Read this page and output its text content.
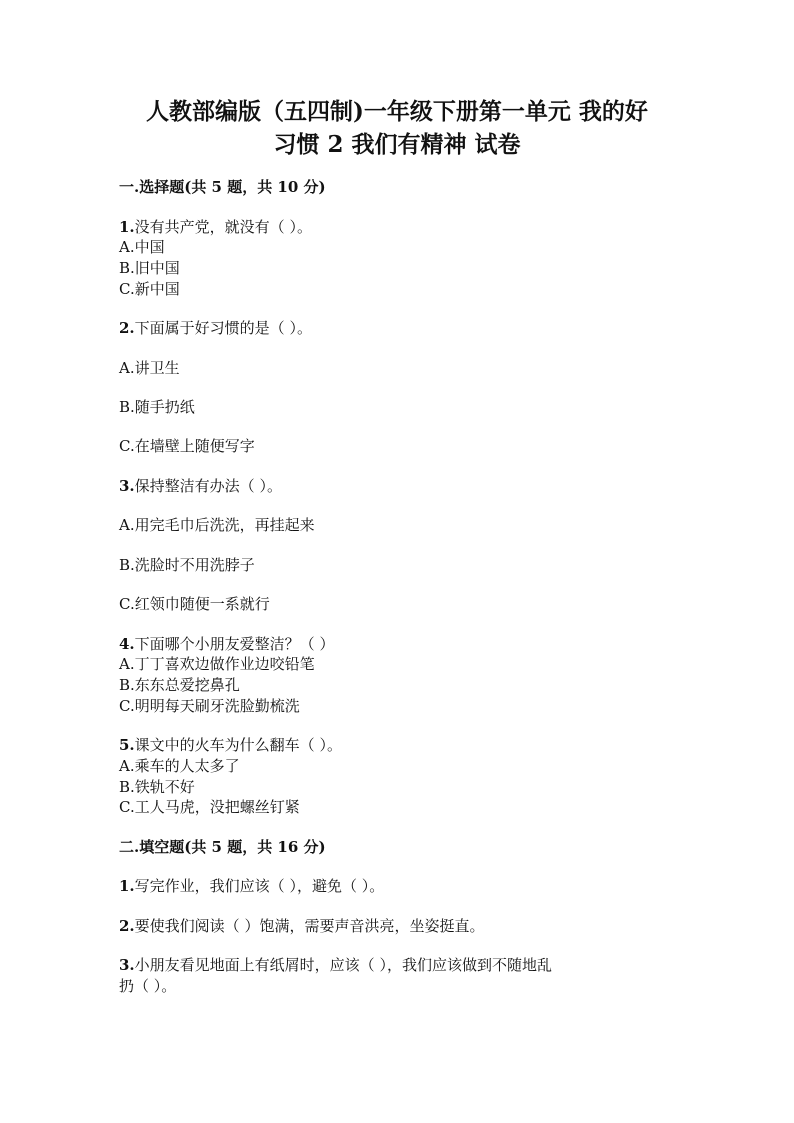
人教部编版（五四制)一年级下册第一单元 我的好
习惯 2 我们有精神 试卷
一.选择题(共 5 题，共 10 分)
1.没有共产党，就没有（ ）。
A.中国
B.旧中国
C.新中国
2.下面属于好习惯的是（ ）。
A.讲卫生
B.随手扔纸
C.在墙壁上随便写字
3.保持整洁有办法（ ）。
A.用完毛巾后洗洗，再挂起来
B.洗脸时不用洗脖子
C.红领巾随便一系就行
4.下面哪个小朋友爱整洁？（ ）
A.丁丁喜欢边做作业边咬铅笔
B.东东总爱挖鼻孔
C.明明每天刷牙洗脸勤梳洗
5.课文中的火车为什么翻车（ ）。
A.乘车的人太多了
B.铁轨不好
C.工人马虎，没把螺丝钉紧
二.填空题(共 5 题，共 16 分)
1.写完作业，我们应该（ ），避免（ ）。
2.要使我们阅读（ ）饱满，需要声音洪亮，坐姿挺直。
3.小朋友看见地面上有纸屑时，应该（ ），我们应该做到不随地乱
扔（ ）。
